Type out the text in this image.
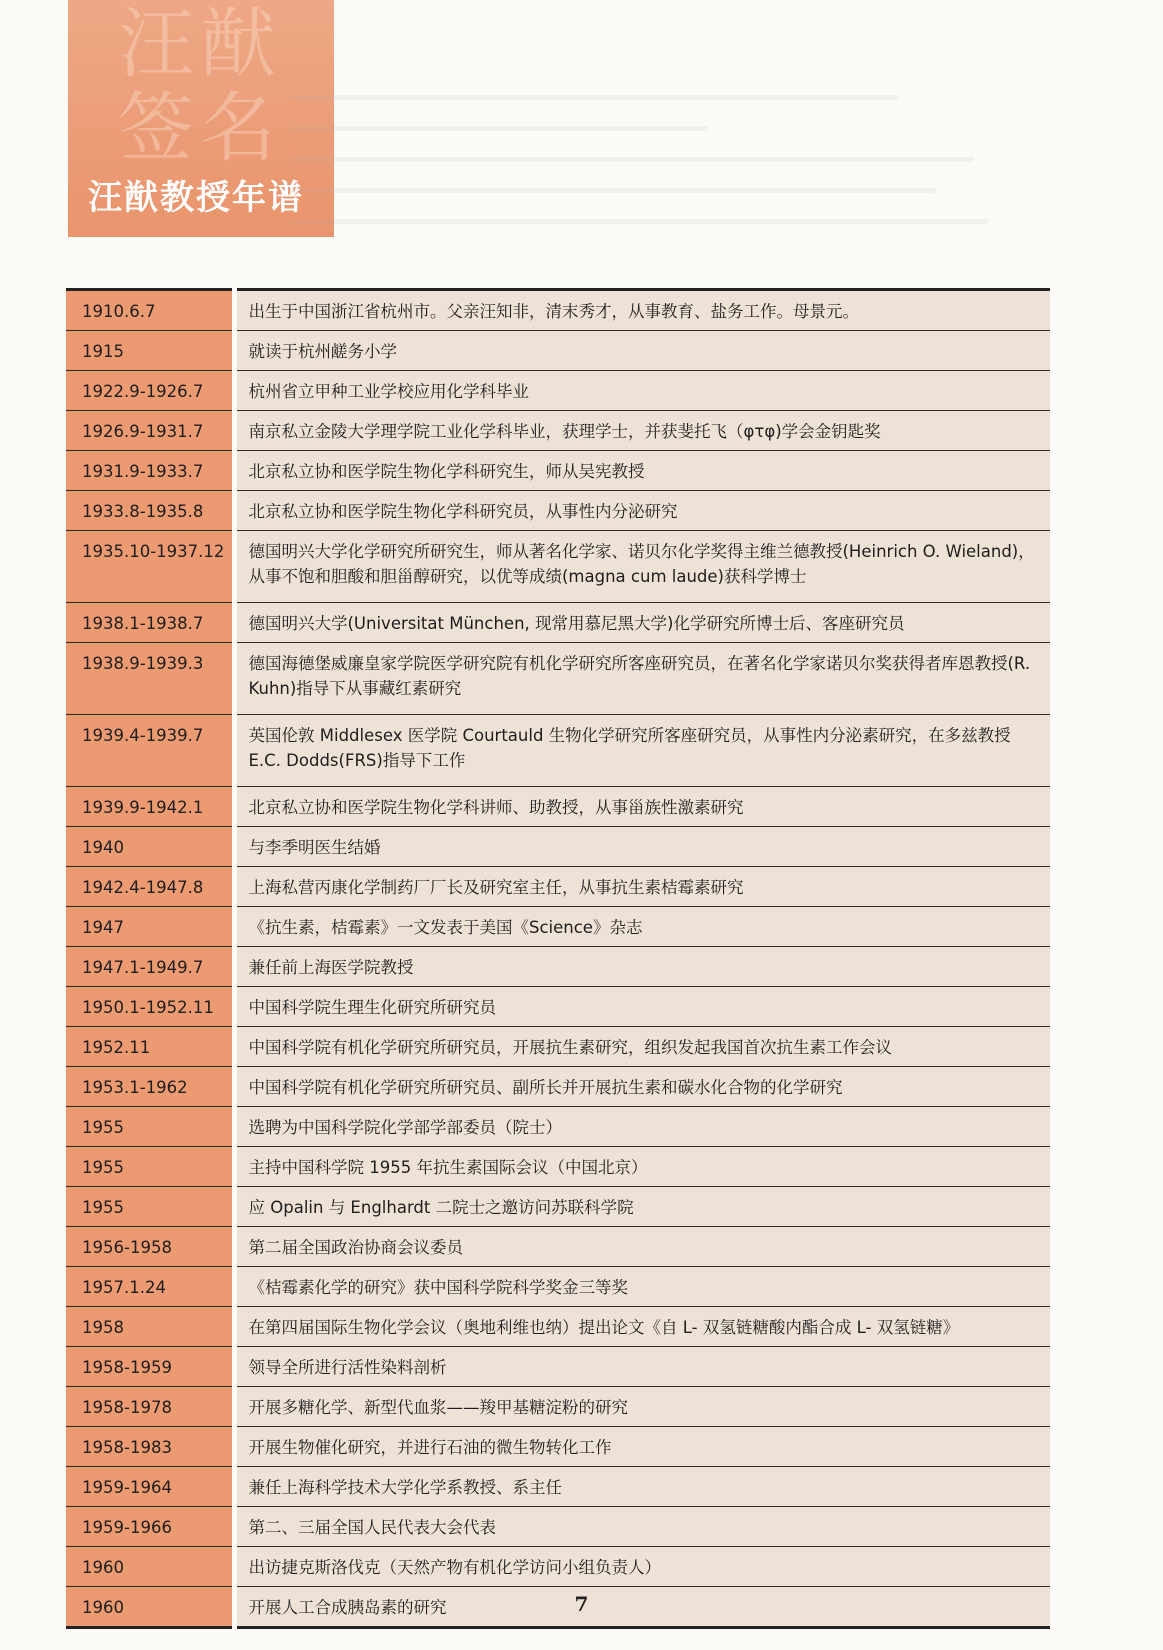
汪猷
签名
汪猷教授年谱
1910.6.7	出生于中国浙江省杭州市。父亲汪知非，清末秀才，从事教育、盐务工作。母景元。
1915	就读于杭州鹾务小学
1922.9-1926.7	杭州省立甲种工业学校应用化学科毕业
1926.9-1931.7	南京私立金陵大学理学院工业化学科毕业，获理学士，并获斐托飞（φτφ)学会金钥匙奖
1931.9-1933.7	北京私立协和医学院生物化学科研究生，师从吴宪教授
1933.8-1935.8	北京私立协和医学院生物化学科研究员，从事性内分泌研究
1935.10-1937.12	德国明兴大学化学研究所研究生，师从著名化学家、诺贝尔化学奖得主维兰德教授(Heinrich O. Wieland)，从事不饱和胆酸和胆甾醇研究，以优等成绩(magna cum laude)获科学博士
1938.1-1938.7	德国明兴大学(Universitat München, 现常用慕尼黑大学)化学研究所博士后、客座研究员
1938.9-1939.3	德国海德堡威廉皇家学院医学研究院有机化学研究所客座研究员，在著名化学家诺贝尔奖获得者库恩教授(R. Kuhn)指导下从事藏红素研究
1939.4-1939.7	英国伦敦 Middlesex 医学院 Courtauld 生物化学研究所客座研究员，从事性内分泌素研究，在多兹教授 E.C. Dodds(FRS)指导下工作
1939.9-1942.1	北京私立协和医学院生物化学科讲师、助教授，从事甾族性激素研究
1940	与李季明医生结婚
1942.4-1947.8	上海私营丙康化学制药厂厂长及研究室主任，从事抗生素桔霉素研究
1947	《抗生素，桔霉素》一文发表于美国《Science》杂志
1947.1-1949.7	兼任前上海医学院教授
1950.1-1952.11	中国科学院生理生化研究所研究员
1952.11	中国科学院有机化学研究所研究员，开展抗生素研究，组织发起我国首次抗生素工作会议
1953.1-1962	中国科学院有机化学研究所研究员、副所长并开展抗生素和碳水化合物的化学研究
1955	选聘为中国科学院化学部学部委员（院士）
1955	主持中国科学院 1955 年抗生素国际会议（中国北京）
1955	应 Opalin 与 Englhardt 二院士之邀访问苏联科学院
1956-1958	第二届全国政治协商会议委员
1957.1.24	《桔霉素化学的研究》获中国科学院科学奖金三等奖
1958	在第四届国际生物化学会议（奥地利维也纳）提出论文《自 L- 双氢链糖酸内酯合成 L- 双氢链糖》
1958-1959	领导全所进行活性染料剖析
1958-1978	开展多糖化学、新型代血浆——羧甲基糖淀粉的研究
1958-1983	开展生物催化研究，并进行石油的微生物转化工作
1959-1964	兼任上海科学技术大学化学系教授、系主任
1959-1966	第二、三届全国人民代表大会代表
1960	出访捷克斯洛伐克（天然产物有机化学访问小组负责人）
1960	开展人工合成胰岛素的研究	7
